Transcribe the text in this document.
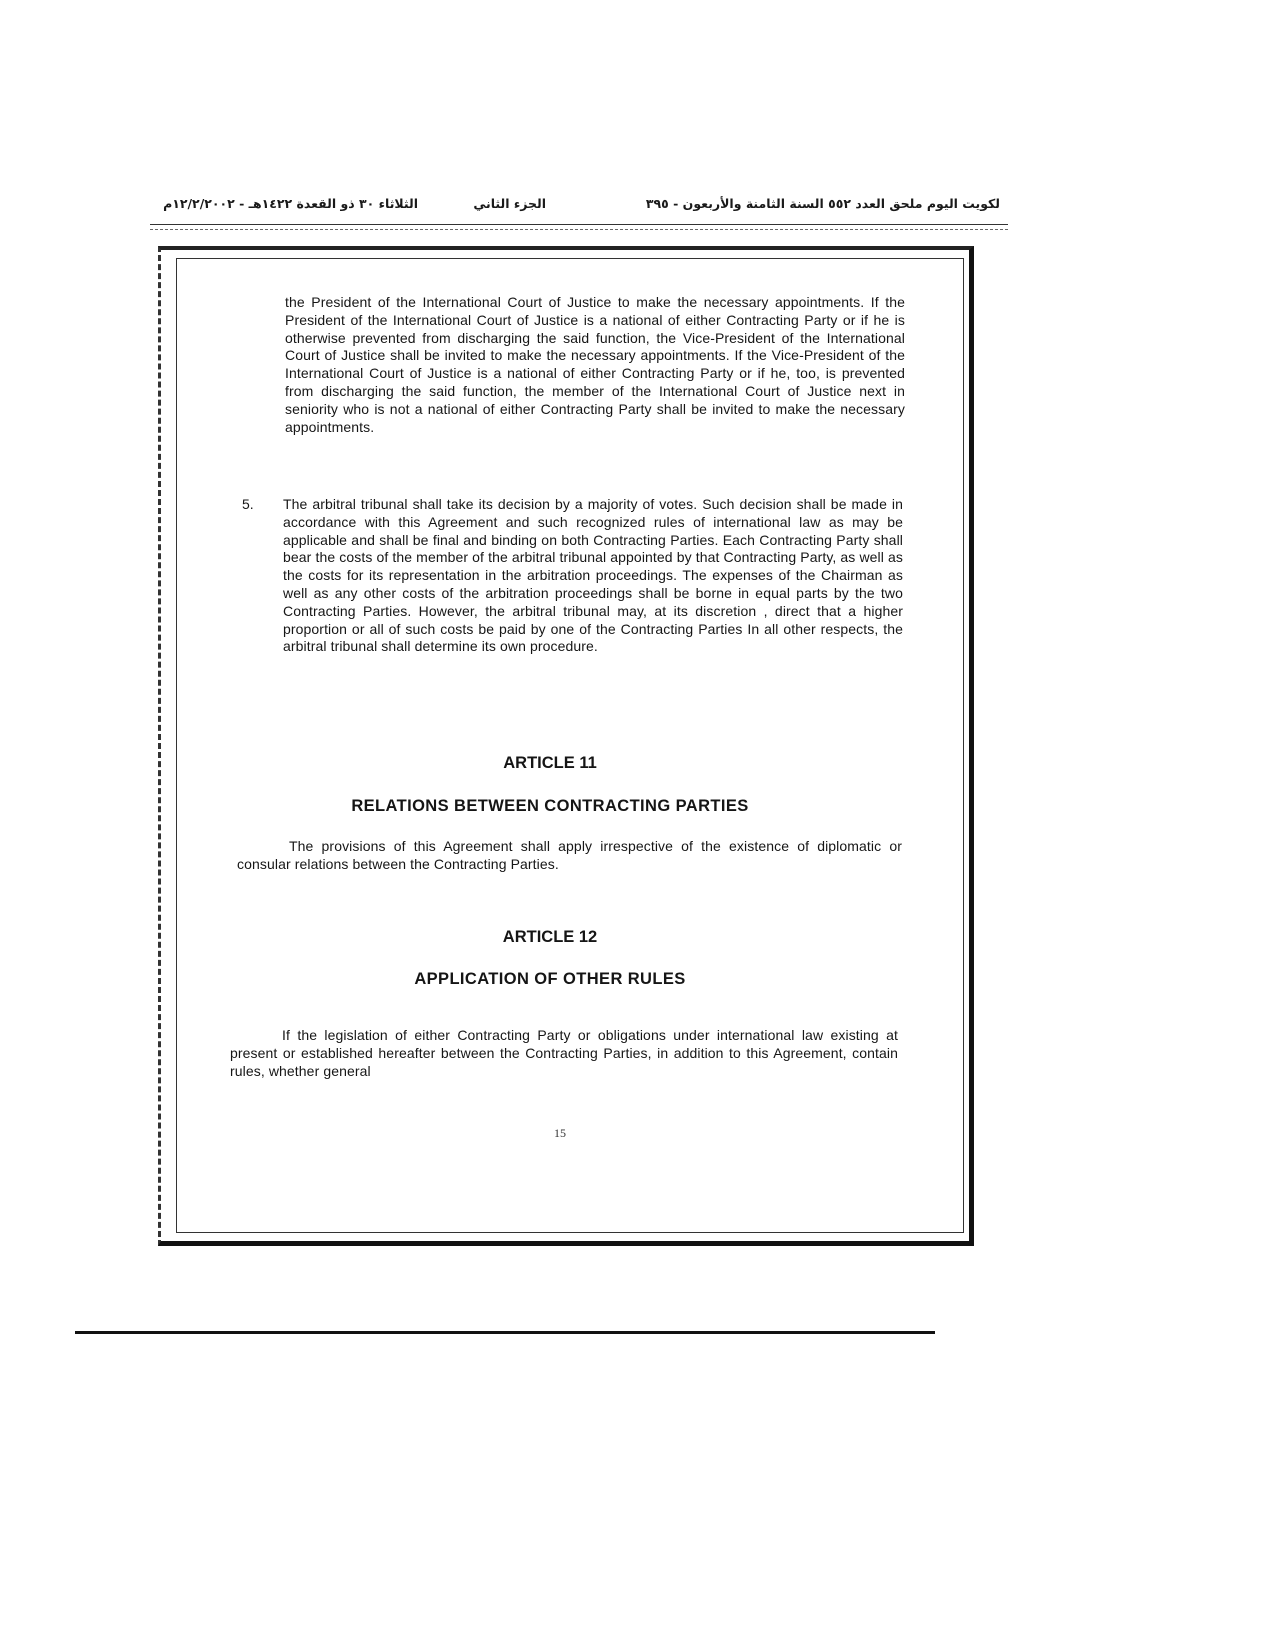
لكويت اليوم ملحق العدد ٥٥٢ السنة الثامنة والأربعون - ٣٩٥
الجزء الثاني
الثلاثاء ٣٠ ذو القعدة ١٤٢٢هـ - ١٢/٢/٢٠٠٢م
the President of the International Court of Justice to make the necessary appointments. If the President of the International Court of Justice is a national of either Contracting Party or if he is otherwise prevented from discharging the said function, the Vice-President of the International Court of Justice shall be invited to make the necessary appointments. If the Vice-President of the International Court of Justice is a national of either Contracting Party or if he, too, is prevented from discharging the said function, the member of the International Court of Justice next in seniority who is not a national of either Contracting Party shall be invited to make the necessary appointments.
5. The arbitral tribunal shall take its decision by a majority of votes. Such decision shall be made in accordance with this Agreement and such recognized rules of international law as may be applicable and shall be final and binding on both Contracting Parties. Each Contracting Party shall bear the costs of the member of the arbitral tribunal appointed by that Contracting Party, as well as the costs for its representation in the arbitration proceedings. The expenses of the Chairman as well as any other costs of the arbitration proceedings shall be borne in equal parts by the two Contracting Parties. However, the arbitral tribunal may, at its discretion , direct that a higher proportion or all of such costs be paid by one of the Contracting Parties In all other respects, the arbitral tribunal shall determine its own procedure.
ARTICLE 11
RELATIONS BETWEEN CONTRACTING PARTIES
The provisions of this Agreement shall apply irrespective of the existence of diplomatic or consular relations between the Contracting Parties.
ARTICLE 12
APPLICATION OF OTHER RULES
If the legislation of either Contracting Party or obligations under international law existing at present or established hereafter between the Contracting Parties, in addition to this Agreement, contain rules, whether general
15
